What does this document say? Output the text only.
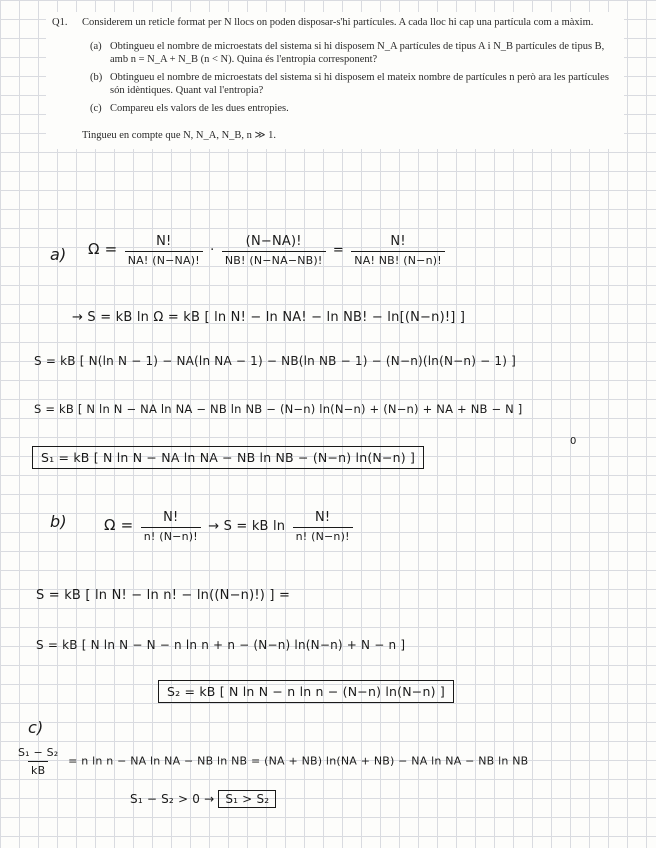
Q1.	Considerem un reticle format per N llocs on poden disposar-s'hi partícules. A cada lloc hi cap una partícula com a màxim.
(a) Obtingueu el nombre de microestats del sistema si hi disposem N_A partícules de tipus A i N_B partícules de tipus B, amb n = N_A + N_B (n < N). Quina és l'entropia corresponent?
(b) Obtingueu el nombre de microestats del sistema si hi disposem el mateix nombre de partícules n però ara les partícules són idèntiques. Quant val l'entropia?
(c) Compareu els valors de les dues entropies.
Tingueu en compte que N, N_A, N_B, n ≫ 1.
a) $\Omega = \frac{N!}{NA! (N-NA)!} \cdot \frac{(N-NA)!}{NB! (N-NA-NB)!} = \frac{N!}{NA! NB! (N-n)!}$
→ S = kB ln Ω = kB [ ln N! − ln NA! − ln NB! − ln[(N−n)!] ]
S = kB [ N(ln N − 1) − NA(ln NA − 1) − NB(ln NB − 1) − (N−n)(ln(N−n) − 1) ]
S = kB [ N ln N − NA ln NA − NB ln NB − (N−n) ln(N−n) + (N−n) + NA + NB − N ]
0
S₁ = kB [ N ln N − NA ln NA − NB ln NB − (N−n) ln(N−n) ]
b) $\Omega = \frac{N!}{n! (N-n)!} \to S$ = kB $\ln \frac{N!}{n! (N-n)!}$
S = kB [ ln N! − ln n! − ln((N−n)!) ] =
S = kB [ N ln N − N − n ln n + n − (N−n) ln(N−n) + N − n ]
S₂ = kB [ N ln N − n ln n − (N−n) ln(N−n) ]
c)
$\frac{\text{S₁ − S₂}}{kB} = n$ ln n − NA ln NA − NB ln NB = (NA + NB) ln(NA + NB) − NA ln NA − NB ln NB
S₁ − S₂ > 0 → S₁ > S₂
